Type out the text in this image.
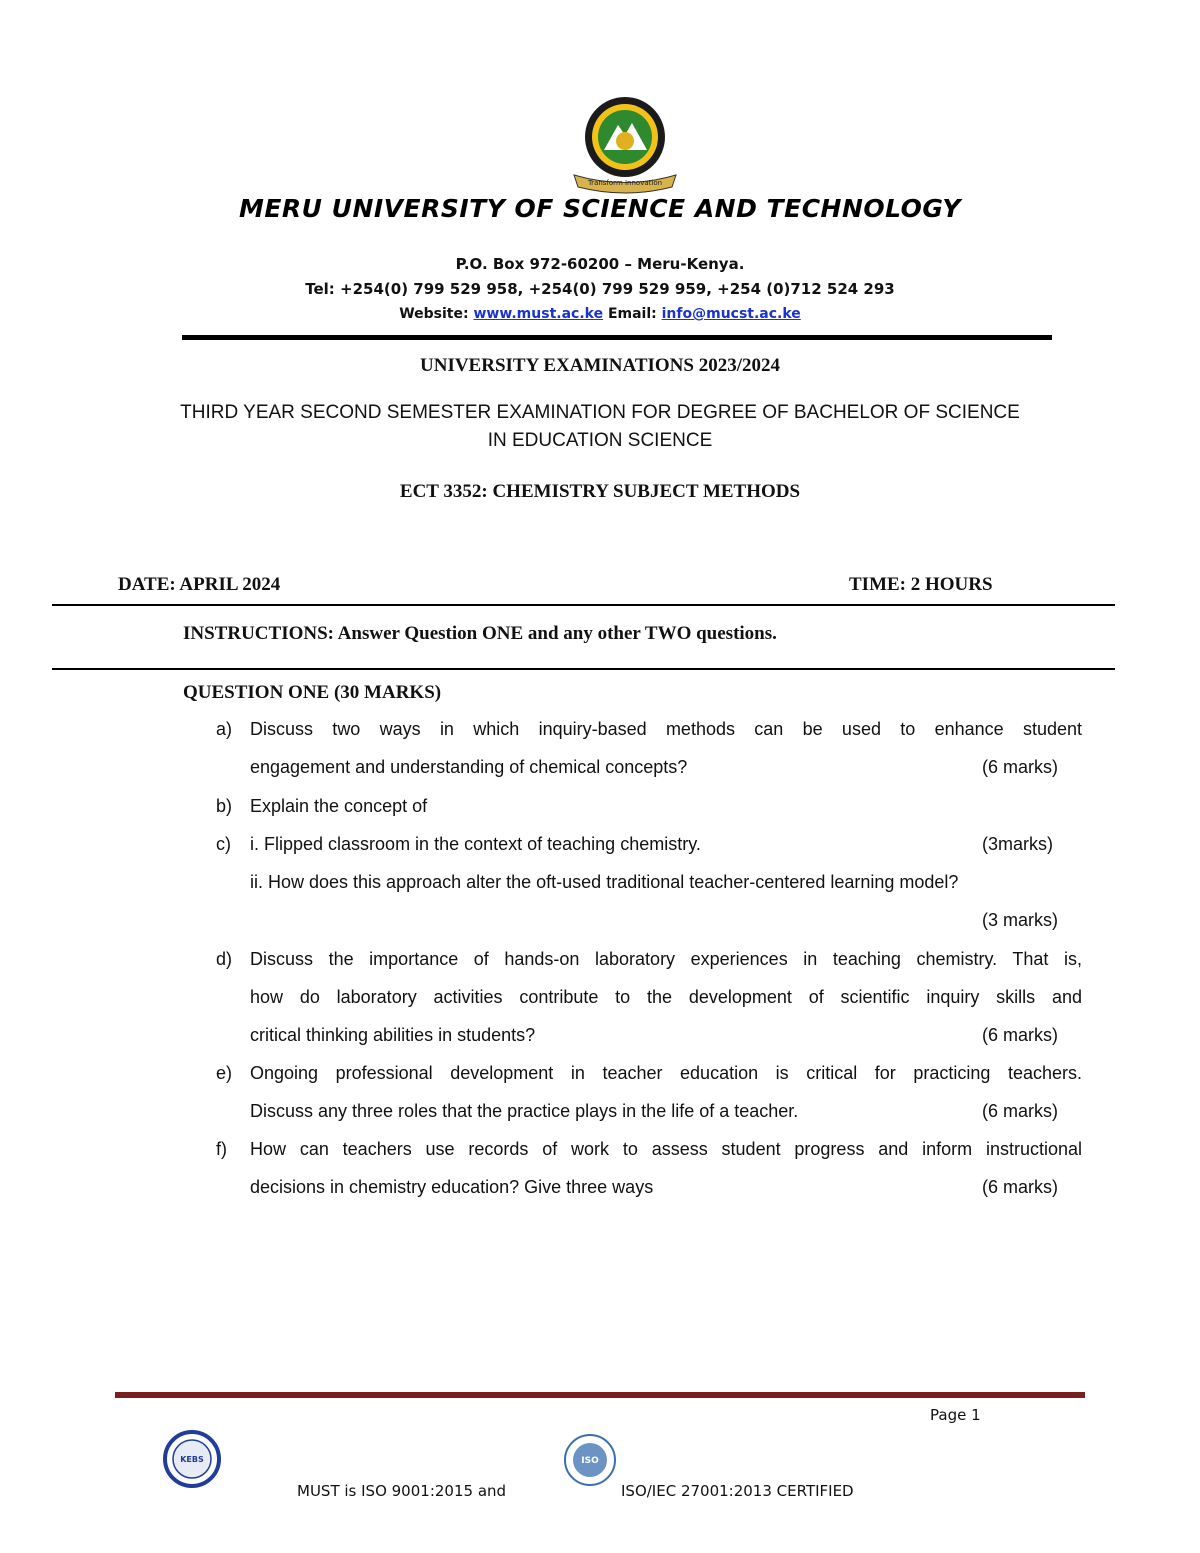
Transform Innovation
MERU UNIVERSITY OF SCIENCE AND TECHNOLOGY
P.O. Box 972-60200 – Meru-Kenya.
Tel: +254(0) 799 529 958, +254(0) 799 529 959, +254 (0)712 524 293
Website: www.must.ac.ke Email: info@mucst.ac.ke
UNIVERSITY EXAMINATIONS 2023/2024
THIRD YEAR SECOND SEMESTER EXAMINATION FOR DEGREE OF BACHELOR OF SCIENCE
IN EDUCATION SCIENCE
ECT 3352: CHEMISTRY SUBJECT METHODS
DATE: APRIL 2024	TIME: 2 HOURS
INSTRUCTIONS: Answer Question ONE and any other TWO questions.
QUESTION ONE (30 MARKS)
a) Discuss two ways in which inquiry-based methods can be used to enhance student
engagement and understanding of chemical concepts?	(6 marks)
b) Explain the concept of
c) i. Flipped classroom in the context of teaching chemistry.	(3marks)
ii. How does this approach alter the oft-used traditional teacher-centered learning model?
(3 marks)
d) Discuss the importance of hands-on laboratory experiences in teaching chemistry. That is,
how do laboratory activities contribute to the development of scientific inquiry skills and
critical thinking abilities in students?	(6 marks)
e) Ongoing professional development in teacher education is critical for practicing teachers.
Discuss any three roles that the practice plays in the life of a teacher.	(6 marks)
f) How can teachers use records of work to assess student progress and inform instructional
decisions in chemistry education? Give three ways	(6 marks)
Page 1
KEBS	ISO
MUST is ISO 9001:2015 and	ISO/IEC 27001:2013 CERTIFIED
